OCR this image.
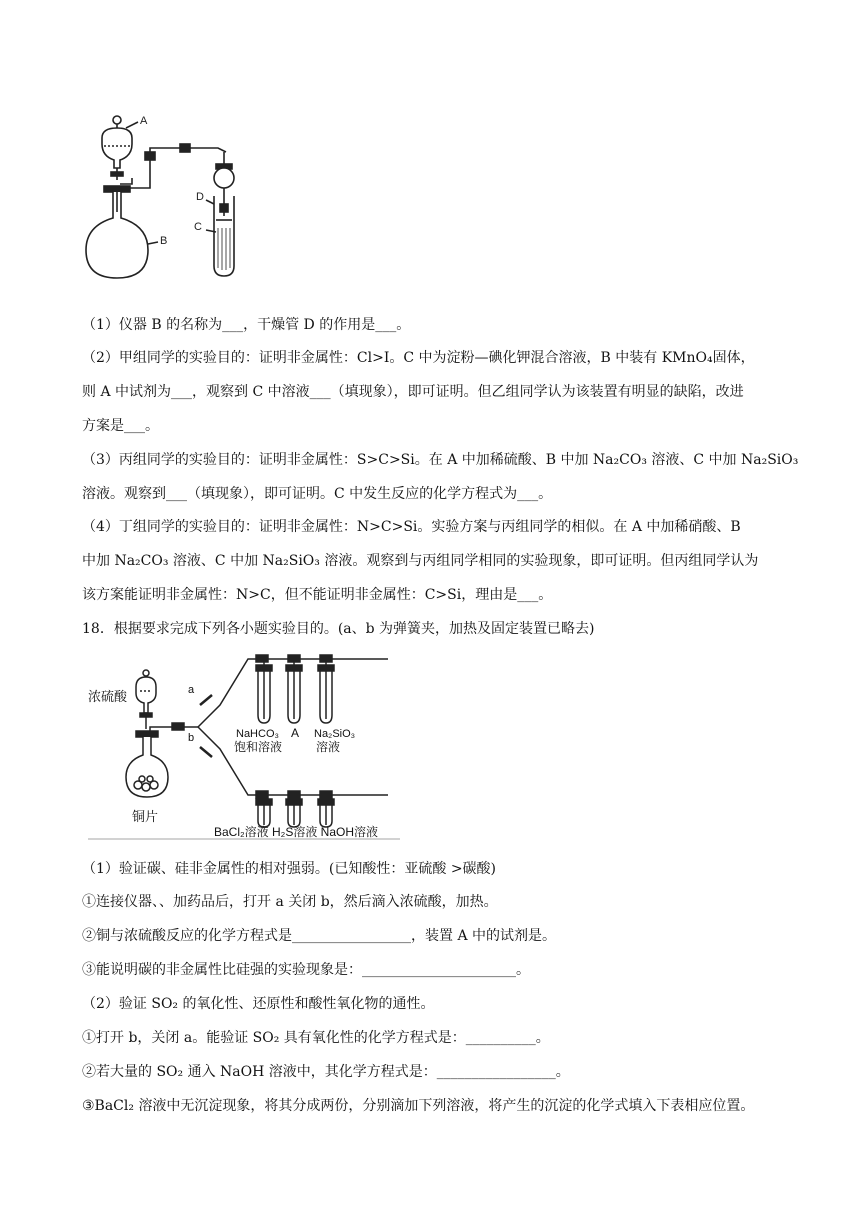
A
B
D
C
（1）仪器 B 的名称为___，干燥管 D 的作用是___。
（2）甲组同学的实验目的：证明非金属性：Cl>I。C 中为淀粉—碘化钾混合溶液，B 中装有 KMnO₄固体，
则 A 中试剂为___，观察到 C 中溶液___（填现象），即可证明。但乙组同学认为该装置有明显的缺陷，改进
方案是___。
（3）丙组同学的实验目的：证明非金属性：S>C>Si。在 A 中加稀硫酸、B 中加 Na₂CO₃ 溶液、C 中加 Na₂SiO₃
溶液。观察到___（填现象），即可证明。C 中发生反应的化学方程式为___。
（4）丁组同学的实验目的：证明非金属性：N>C>Si。实验方案与丙组同学的相似。在 A 中加稀硝酸、B
中加 Na₂CO₃ 溶液、C 中加 Na₂SiO₃ 溶液。观察到与丙组同学相同的实验现象，即可证明。但丙组同学认为
该方案能证明非金属性：N>C，但不能证明非金属性：C>Si，理由是___。
18．根据要求完成下列各小题实验目的。(a、b 为弹簧夹，加热及固定装置已略去)
浓硫酸	a
b
铜片
NaHCO₃
饱和溶液
A Na₂SiO₃
溶液
BaCl₂溶液 H₂S溶液 NaOH溶液
（1）验证碳、硅非金属性的相对强弱。(已知酸性：亚硫酸 >碳酸)
①连接仪器、、加药品后，打开 a 关闭 b，然后滴入浓硫酸，加热。
②铜与浓硫酸反应的化学方程式是_________________，装置 A 中的试剂是。
③能说明碳的非金属性比硅强的实验现象是：______________________。
（2）验证 SO₂ 的氧化性、还原性和酸性氧化物的通性。
①打开 b，关闭 a。能验证 SO₂ 具有氧化性的化学方程式是：__________。
②若大量的 SO₂ 通入 NaOH 溶液中，其化学方程式是：_________________。
③BaCl₂ 溶液中无沉淀现象，将其分成两份，分别滴加下列溶液，将产生的沉淀的化学式填入下表相应位置。
